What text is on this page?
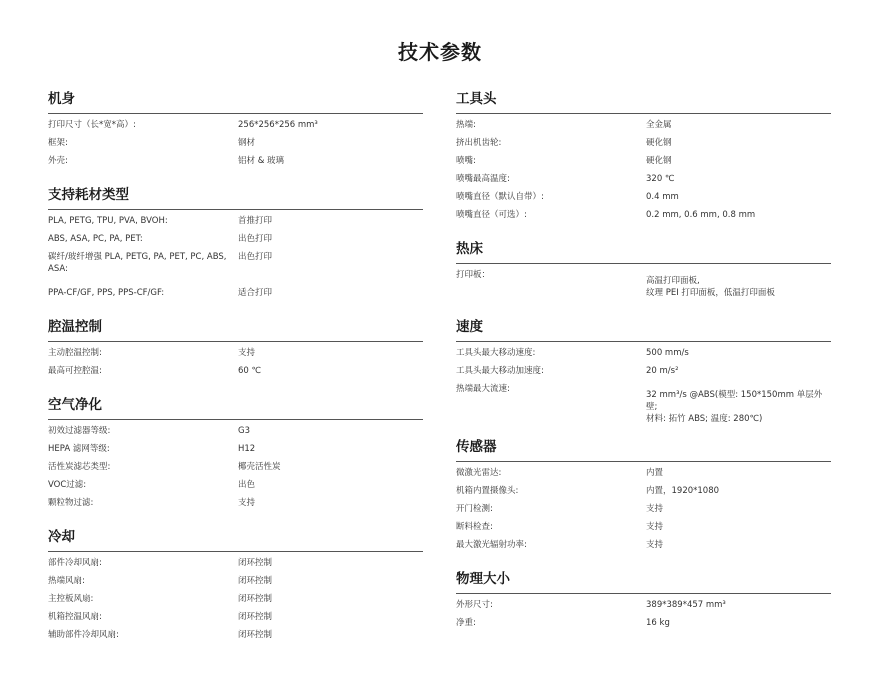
技术参数
机身
打印尺寸（长*宽*高）:	256*256*256 mm³
框架:	钢材
外壳:	铝材 & 玻璃
支持耗材类型
PLA, PETG, TPU, PVA, BVOH:	首推打印
ABS, ASA, PC, PA, PET:	出色打印
碳纤/玻纤增强 PLA, PETG, PA, PET, PC, ABS, ASA:
出色打印
PPA-CF/GF, PPS, PPS-CF/GF:	适合打印
腔温控制
主动腔温控制:	支持
最高可控腔温:	60 ℃
空气净化
初效过滤器等级:	G3
HEPA 滤网等级:	H12
活性炭滤芯类型:	椰壳活性炭
VOC过滤:	出色
颗粒物过滤:	支持
冷却
部件冷却风扇:	闭环控制
热端风扇:	闭环控制
主控板风扇:	闭环控制
机箱控温风扇:	闭环控制
辅助部件冷却风扇:	闭环控制
工具头
热端:	全金属
挤出机齿轮:	硬化钢
喷嘴:	硬化钢
喷嘴最高温度:	320 ℃
喷嘴直径（默认自带）:	0.4 mm
喷嘴直径（可选）:	0.2 mm, 0.6 mm, 0.8 mm
热床
打印板：
高温打印面板,
纹理 PEI 打印面板，低温打印面板
速度
工具头最大移动速度:	500 mm/s
工具头最大移动加速度:	20 m/s²
热端最大流速:
32 mm³/s @ABS(模型: 150*150mm 单层外壁;
材料: 拓竹 ABS; 温度: 280℃)
传感器
微激光雷达:	内置
机箱内置摄像头:	内置，1920*1080
开门检测:	支持
断料检查:	支持
最大激光辐射功率:	支持
物理大小
外形尺寸:	389*389*457 mm³
净重:	16 kg
